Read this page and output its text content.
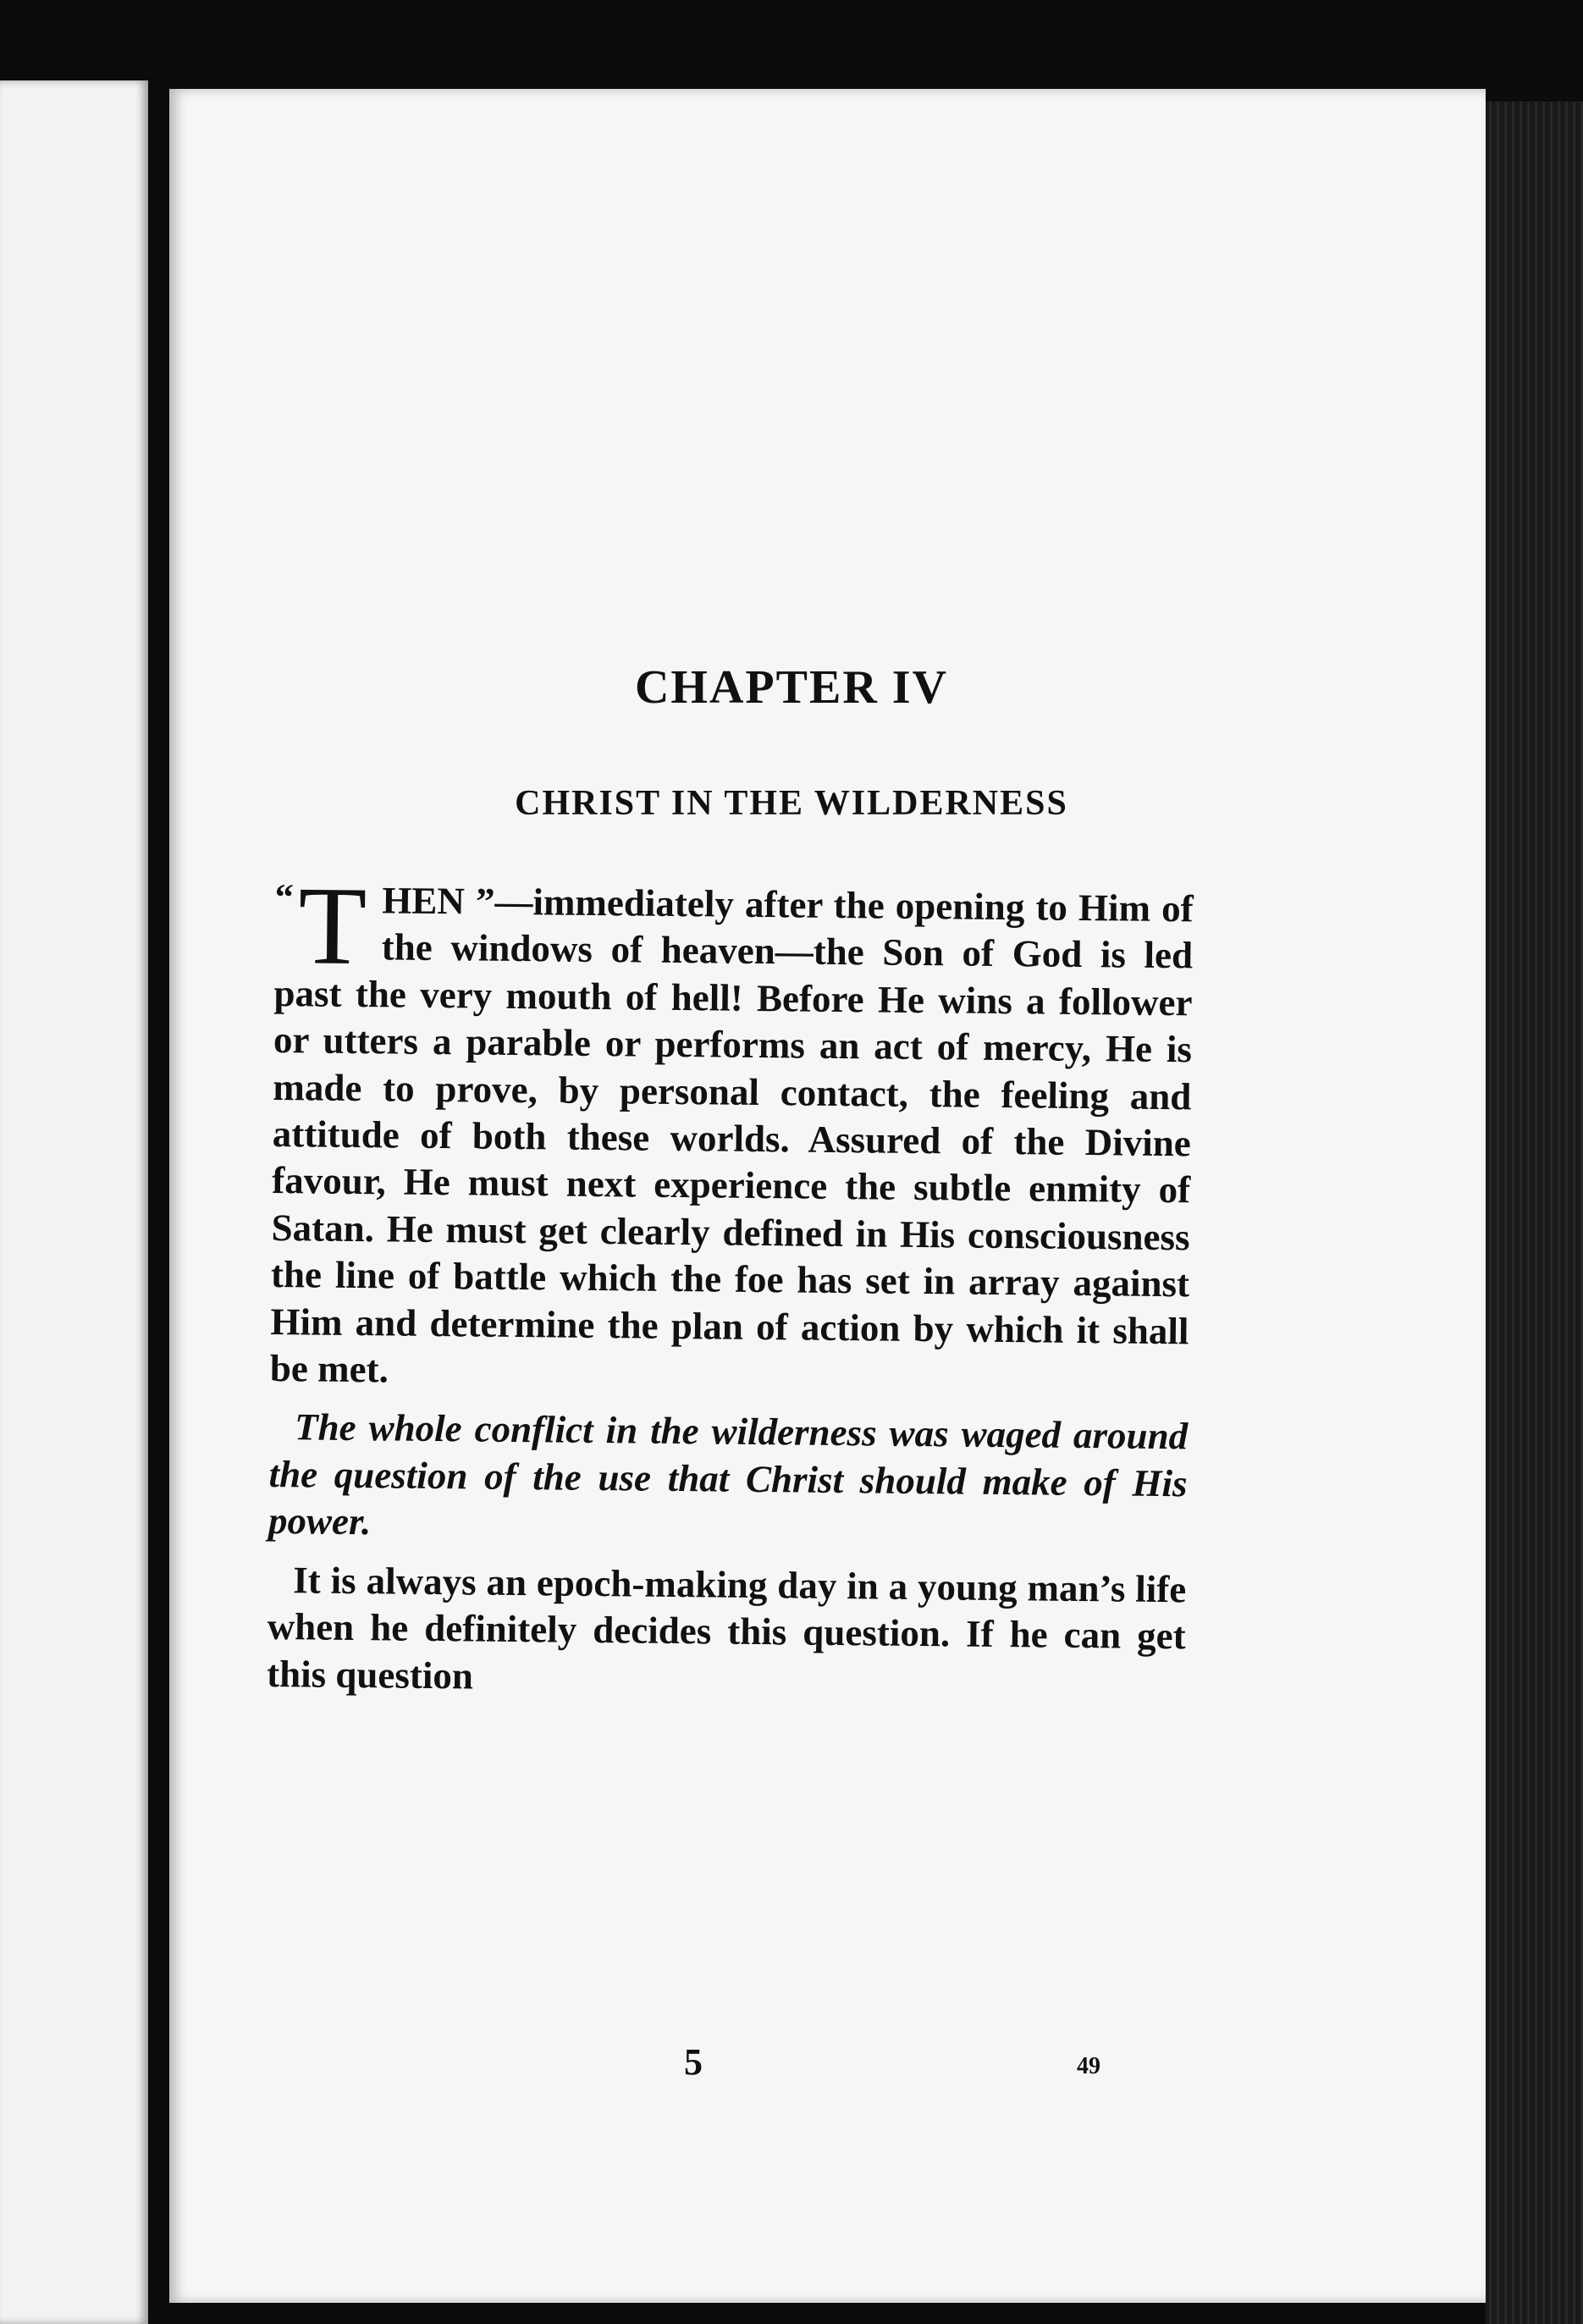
CHAPTER IV
CHRIST IN THE WILDERNESS

“ T HEN ”—immediately after the opening to Him of the windows of heaven—the Son of God is led past the very mouth of hell! Before He wins a follower or utters a parable or performs an act of mercy, He is made to prove, by personal contact, the feeling and attitude of both these worlds. Assured of the Divine favour, He must next experience the subtle enmity of Satan. He must get clearly defined in His consciousness the line of battle which the foe has set in array against Him and determine the plan of action by which it shall be met.

The whole conflict in the wilderness was waged around the question of the use that Christ should make of His power.

It is always an epoch-making day in a young man’s life when he definitely decides this question. If he can get this question

5	49
